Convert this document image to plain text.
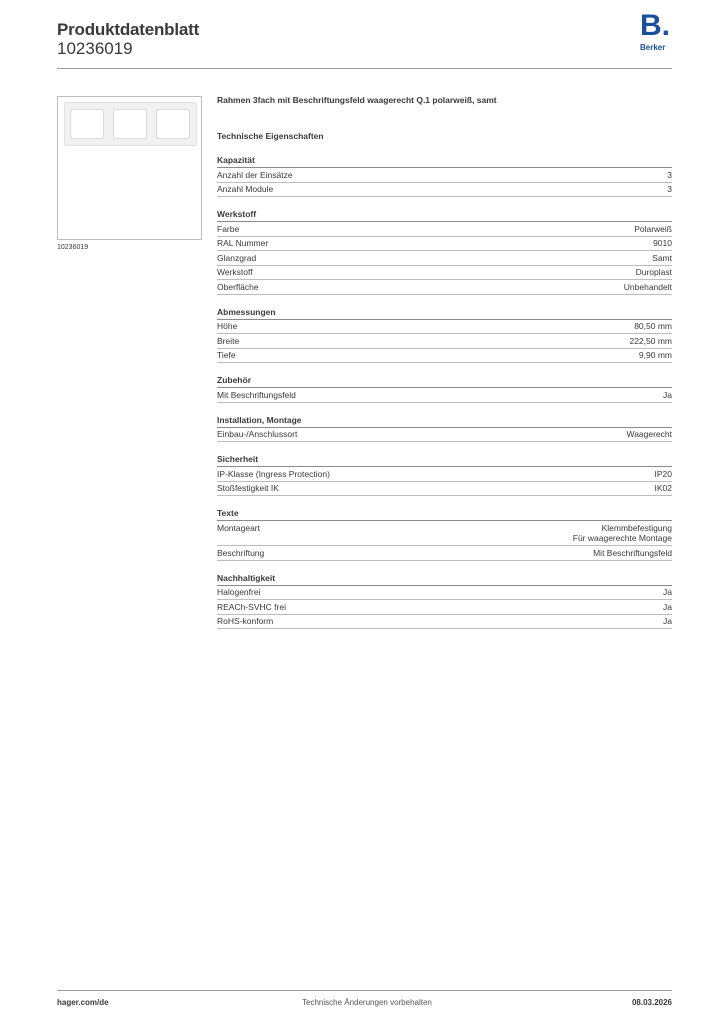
Produktdatenblatt
10236019
B.
Berker
10236019
Rahmen 3fach mit Beschriftungsfeld waagerecht Q.1 polarweiß, samt
Technische Eigenschaften
Kapazität
Anzahl der Einsätze	3
Anzahl Module	3
Werkstoff
Farbe	Polarweiß
RAL Nummer	9010
Glanzgrad	Samt
Werkstoff	Duroplast
Oberfläche	Unbehandelt
Abmessungen
Höhe	80,50 mm
Breite	222,50 mm
Tiefe	9,90 mm
Zubehör
Mit Beschriftungsfeld	Ja
Installation, Montage
Einbau-/Anschlussort	Waagerecht
Sicherheit
IP-Klasse (Ingress Protection)	IP20
Stoßfestigkeit IK	IK02
Texte
Montageart	Klemmbefestigung
Für waagerechte Montage
Beschriftung	Mit Beschriftungsfeld
Nachhaltigkeit
Halogenfrei	Ja
REACh-SVHC frei	Ja
RoHS-konform	Ja
hager.com/de	Technische Änderungen vorbehalten	08.03.2026
